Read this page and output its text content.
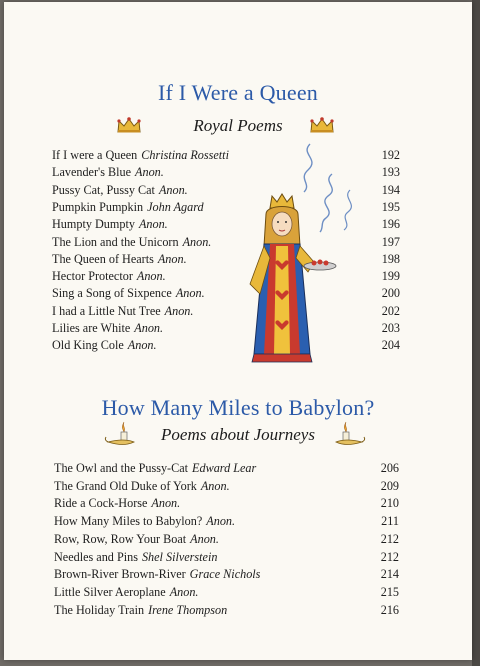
If I Were a Queen
Royal Poems
If I were a Queen Christina Rossetti	192
Lavender's Blue Anon.	193
Pussy Cat, Pussy Cat Anon.	194
Pumpkin Pumpkin John Agard	195
Humpty Dumpty Anon.	196
The Lion and the Unicorn Anon.	197
The Queen of Hearts Anon.	198
Hector Protector Anon.	199
Sing a Song of Sixpence Anon.	200
I had a Little Nut Tree Anon.	202
Lilies are White Anon.	203
Old King Cole Anon.	204
How Many Miles to Babylon?
Poems about Journeys
The Owl and the Pussy-Cat Edward Lear	206
The Grand Old Duke of York Anon.	209
Ride a Cock-Horse Anon.	210
How Many Miles to Babylon? Anon.	211
Row, Row, Row Your Boat Anon.	212
Needles and Pins Shel Silverstein	212
Brown-River Brown-River Grace Nichols	214
Little Silver Aeroplane Anon.	215
The Holiday Train Irene Thompson	216
